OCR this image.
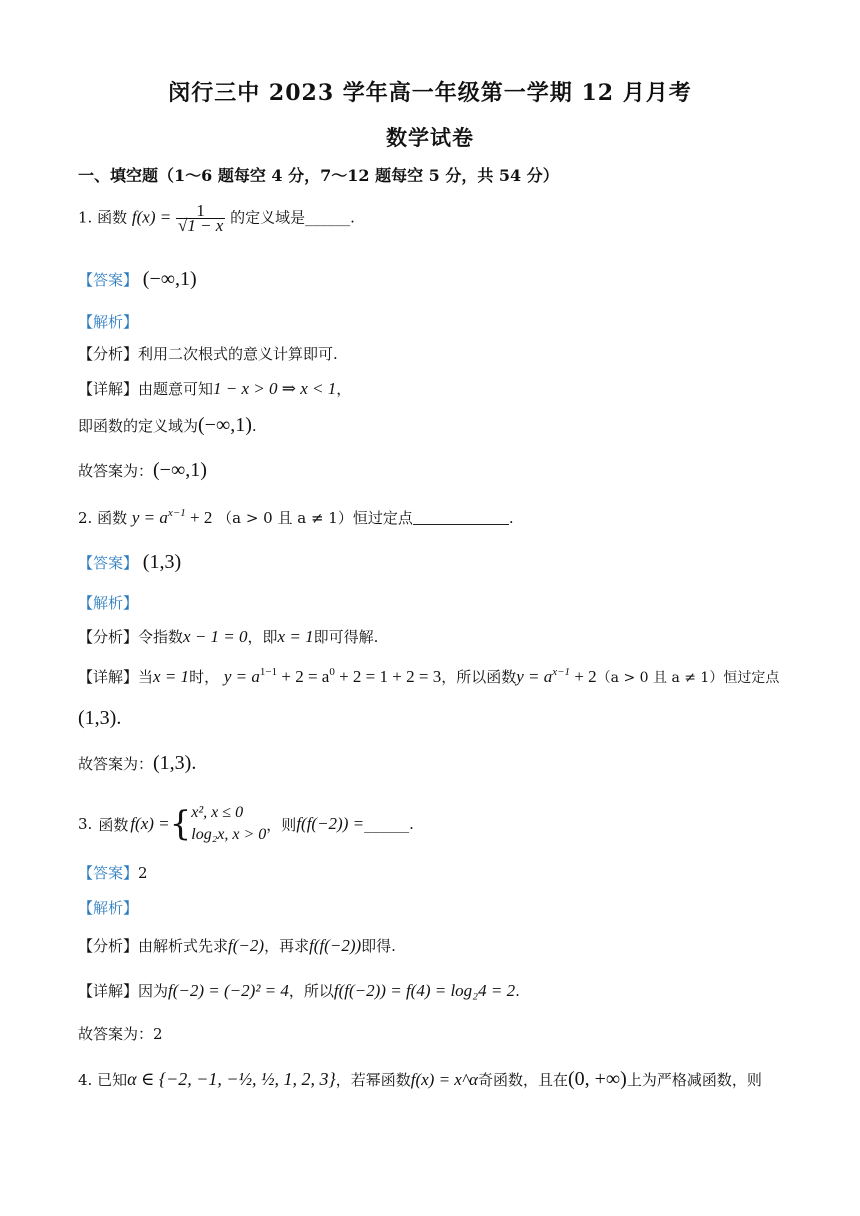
闵行三中 2023 学年高一年级第一学期 12 月月考
数学试卷
一、填空题（1～6 题每空 4 分，7～12 题每空 5 分，共 54 分）
1. 函数 $f(x) = \frac{1}{√1 - x}$ 的定义域是______.
【答案】 (−∞,1)
【解析】
【分析】利用二次根式的意义计算即可.
【详解】由题意可知1 − x > 0 ⇒ x < 1，
即函数的定义域为(−∞,1).
故答案为：(−∞,1)
2. 函数 $y = a^{x-1} + 2$ （a > 0 且 a ≠ 1）恒过定点	.
【答案】 (1,3)
【解析】
【分析】令指数x − 1 = 0，即x = 1即可得解.
【详解】当x = 1时， $y = a^{1-1} + 2 = a^0 + 2 = 1 + 2 = 3$，所以函数$y = a^{x-1} + 2(a > 0$ 且 a ≠ 1）恒过定点
(1,3).
故答案为：(1,3).
3. 函数 f(x) = { x², x ≤ 0
log₂x, x > 0
，则 f(f(−2)) = ______.
【答案】2
【解析】
【分析】由解析式先求f(−2)，再求f(f(−2))即得.
【详解】因为f(−2) = (−2)² = 4，所以f(f(−2)) = f(4) = log₂4 = 2.
故答案为：2
4. 已知α ∈ {−2, −1, −½, ½, 1, 2, 3}，若幂函数f(x) = x^α奇函数，且在(0, +∞)上为严格减函数，则
